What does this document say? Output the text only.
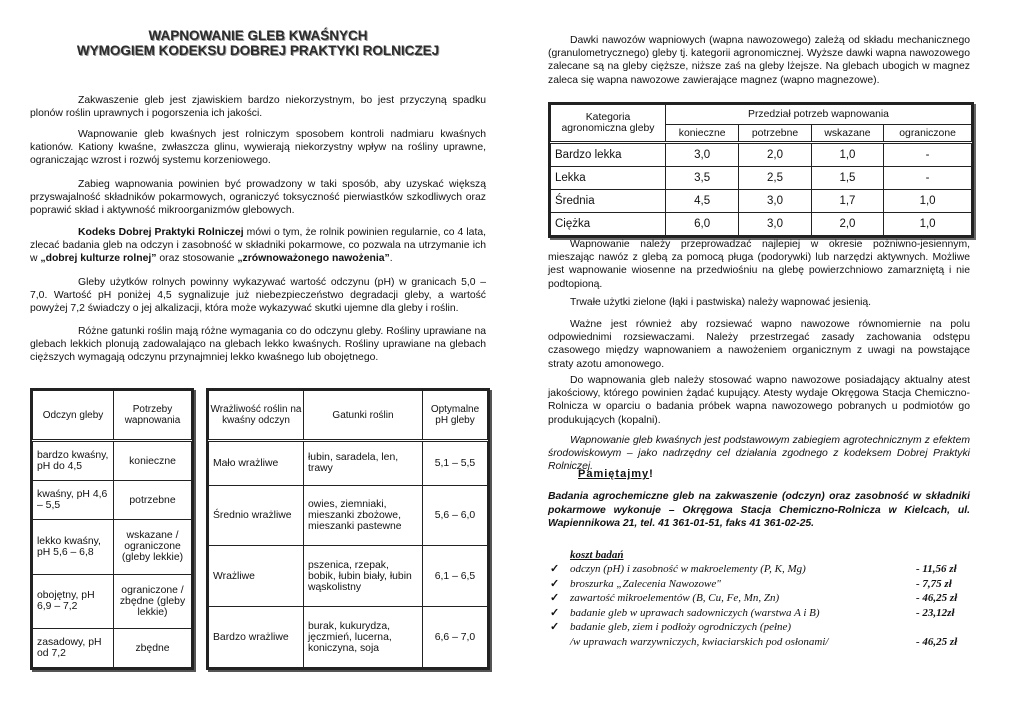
WAPNOWANIE GLEB KWAŚNYCH
WYMOGIEM KODEKSU DOBREJ PRAKTYKI ROLNICZEJ

Zakwaszenie gleb jest zjawiskiem bardzo niekorzystnym, bo jest przyczyną spadku plonów roślin uprawnych i pogorszenia ich jakości.

Wapnowanie gleb kwaśnych jest rolniczym sposobem kontroli nadmiaru kwaśnych kationów. Kationy kwaśne, zwłaszcza glinu, wywierają niekorzystny wpływ na rośliny uprawne, ograniczając wzrost i rozwój systemu korzeniowego.

Zabieg wapnowania powinien być prowadzony w taki sposób, aby uzyskać większą przyswajalność składników pokarmowych, ograniczyć toksyczność pierwiastków szkodliwych oraz poprawić skład i aktywność mikroorganizmów glebowych.

Kodeks Dobrej Praktyki Rolniczej mówi o tym, że rolnik powinien regularnie, co 4 lata, zlecać badania gleb na odczyn i zasobność w składniki pokarmowe, co pozwala na utrzymanie ich w „dobrej kulturze rolnej” oraz stosowanie „zrównoważonego nawożenia”.

Gleby użytków rolnych powinny wykazywać wartość odczynu (pH) w granicach 5,0 – 7,0. Wartość pH poniżej 4,5 sygnalizuje już niebezpieczeństwo degradacji gleby, a wartość powyżej 7,2 świadczy o jej alkalizacji, która może wykazywać skutki ujemne dla gleby i roślin.

Różne gatunki roślin mają różne wymagania co do odczynu gleby. Rośliny uprawiane na glebach lekkich plonują zadowalająco na glebach lekko kwaśnych. Rośliny uprawiane na glebach cięższych wymagają odczynu przynajmniej lekko kwaśnego lub obojętnego.

Odczyn gleby	Potrzeby wapnowania
bardzo kwaśny, pH do 4,5	konieczne
kwaśny, pH 4,6 – 5,5	potrzebne
lekko kwaśny, pH 5,6 – 6,8	wskazane / ograniczone (gleby lekkie)
obojętny, pH 6,9 – 7,2	ograniczone / zbędne (gleby lekkie)
zasadowy, pH od 7,2	zbędne
Wrażliwość roślin na kwaśny odczyn	Gatunki roślin	Optymalne pH gleby
Mało wrażliwe	łubin, saradela, len, trawy	5,1 – 5,5
Średnio wrażliwe	owies, ziemniaki, mieszanki zbożowe, mieszanki pastewne	5,6 – 6,0
Wrażliwe	pszenica, rzepak, bobik, łubin biały, łubin wąskolistny	6,1 – 6,5
Bardzo wrażliwe	burak, kukurydza, jęczmień, lucerna, koniczyna, soja	6,6 – 7,0

Dawki nawozów wapniowych (wapna nawozowego) zależą od składu mechanicznego (granulometrycznego) gleby tj. kategorii agronomicznej. Wyższe dawki wapna nawozowego zalecane są na gleby cięższe, niższe zaś na gleby lżejsze. Na glebach ubogich w magnez zaleca się wapna nawozowe zawierające magnez (wapno magnezowe).

Kategoria agronomiczna gleby	Przedział potrzeb wapnowania			
	konieczne	potrzebne	wskazane	ograniczone
Bardzo lekka	3,0	2,0	1,0	-
Lekka	3,5	2,5	1,5	-
Średnia	4,5	3,0	1,7	1,0
Ciężka	6,0	3,0	2,0	1,0

Wapnowanie należy przeprowadzać najlepiej w okresie pożniwno-jesiennym, mieszając nawóz z glebą za pomocą pługa (podorywki) lub narzędzi aktywnych. Możliwe jest wapnowanie wiosenne na przedwiośniu na glebę powierzchniowo zamarzniętą i nie podtopioną.

Trwałe użytki zielone (łąki i pastwiska) należy wapnować jesienią.

Ważne jest również aby rozsiewać wapno nawozowe równomiernie na polu odpowiednimi rozsiewaczami. Należy przestrzegać zasady zachowania odstępu czasowego między wapnowaniem a nawożeniem organicznym z uwagi na powstające straty azotu amonowego.

Do wapnowania gleb należy stosować wapno nawozowe posiadający aktualny atest jakościowy, którego powinien żądać kupujący. Atesty wydaje Okręgowa Stacja Chemiczno-Rolnicza w oparciu o badania próbek wapna nawozowego pobranych u podmiotów go produkujących (kopalni).

Wapnowanie gleb kwaśnych jest podstawowym zabiegiem agrotechnicznym z efektem środowiskowym – jako nadrzędny cel działania zgodnego z kodeksem Dobrej Praktyki Rolniczej.

Pamiętajmy!

Badania agrochemiczne gleb na zakwaszenie (odczyn) oraz zasobność w składniki pokarmowe wykonuje – Okręgowa Stacja Chemiczno-Rolnicza w Kielcach, ul. Wapiennikowa 21, tel. 41 361-01-51, faks 41 361-02-25.

koszt badań
✓ odczyn (pH) i zasobność w makroelementy (P, K, Mg)	- 11,56 zł
✓ broszurka „Zalecenia Nawozowe"	- 7,75 zł
✓ zawartość mikroelementów (B, Cu, Fe, Mn, Zn)	- 46,25 zł
✓ badanie gleb w uprawach sadowniczych (warstwa A i B)	- 23,12zł
✓ badanie gleb, ziem i podłoży ogrodniczych (pełne)
/w uprawach warzywniczych, kwiaciarskich pod osłonami/	- 46,25 zł
